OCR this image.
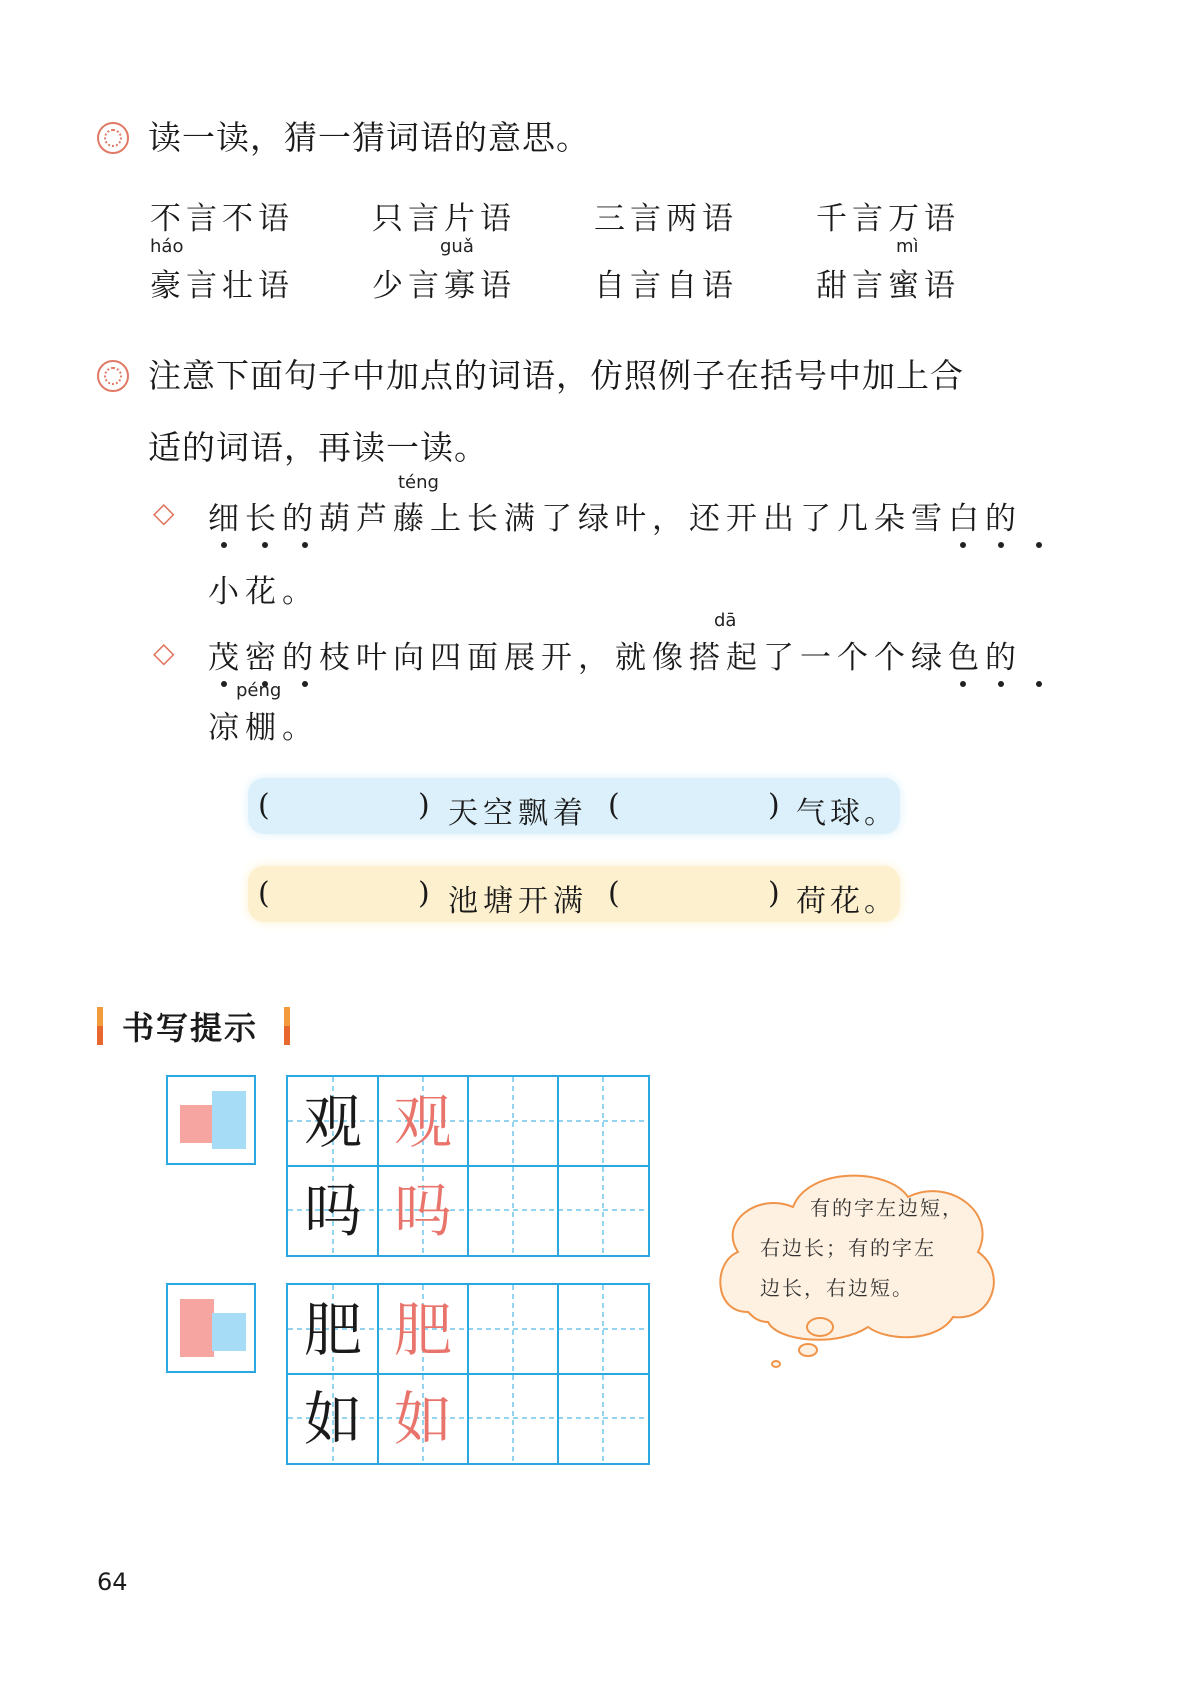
读一读，猜一猜词语的意思。
不言不语	只言片语	三言两语	千言万语
háo	guǎ	mì
豪言壮语	少言寡语	自言自语	甜言蜜语
注意下面句子中加点的词语，仿照例子在括号中加上合
适的词语，再读一读。
◇
téng
细长的葫芦藤上长满了绿叶，还开出了几朵雪白的
小花。
◇
dā
茂密的枝叶向四面展开，就像搭起了一个个绿色的
péng
凉棚。
(	) 天空飘着 (	) 气球。
(	) 池塘开满 (	) 荷花。
书写提示
观 观
吗 吗
肥 肥
如 如
有的字左边短，
右边长；有的字左
边长，右边短。
64
